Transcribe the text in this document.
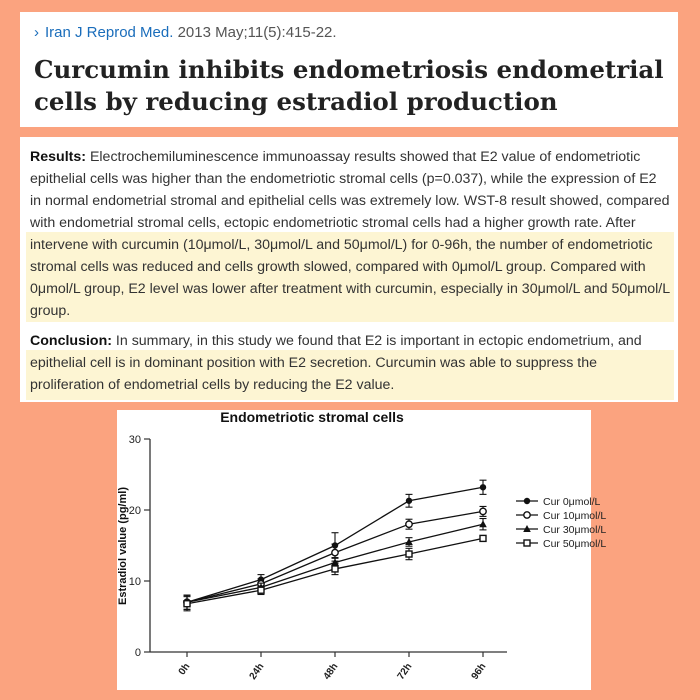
› Iran J Reprod Med. 2013 May;11(5):415-22.
Curcumin inhibits endometriosis endometrial cells by reducing estradiol production

Results: Electrochemiluminescence immunoassay results showed that E2 value of endometriotic epithelial cells was higher than the endometriotic stromal cells (p=0.037), while the expression of E2 in normal endometrial stromal and epithelial cells was extremely low. WST-8 result showed, compared with endometrial stromal cells, ectopic endometriotic stromal cells had a higher growth rate. After intervene with curcumin (10μmol/L, 30μmol/L and 50μmol/L) for 0-96h, the number of endometriotic stromal cells was reduced and cells growth slowed, compared with 0μmol/L group. Compared with 0μmol/L group, E2 level was lower after treatment with curcumin, especially in 30μmol/L and 50μmol/L group.

Conclusion: In summary, in this study we found that E2 is important in ectopic endometrium, and epithelial cell is in dominant position with E2 secretion. Curcumin was able to suppress the proliferation of endometrial cells by reducing the E2 value.

Endometriotic stromal cells
Estradiol value (pg/ml)
0
10
20
30
0h	24h	48h	72h	96h
Cur 0μmol/L
Cur 10μmol/L
Cur 30μmol/L
Cur 50μmol/L
